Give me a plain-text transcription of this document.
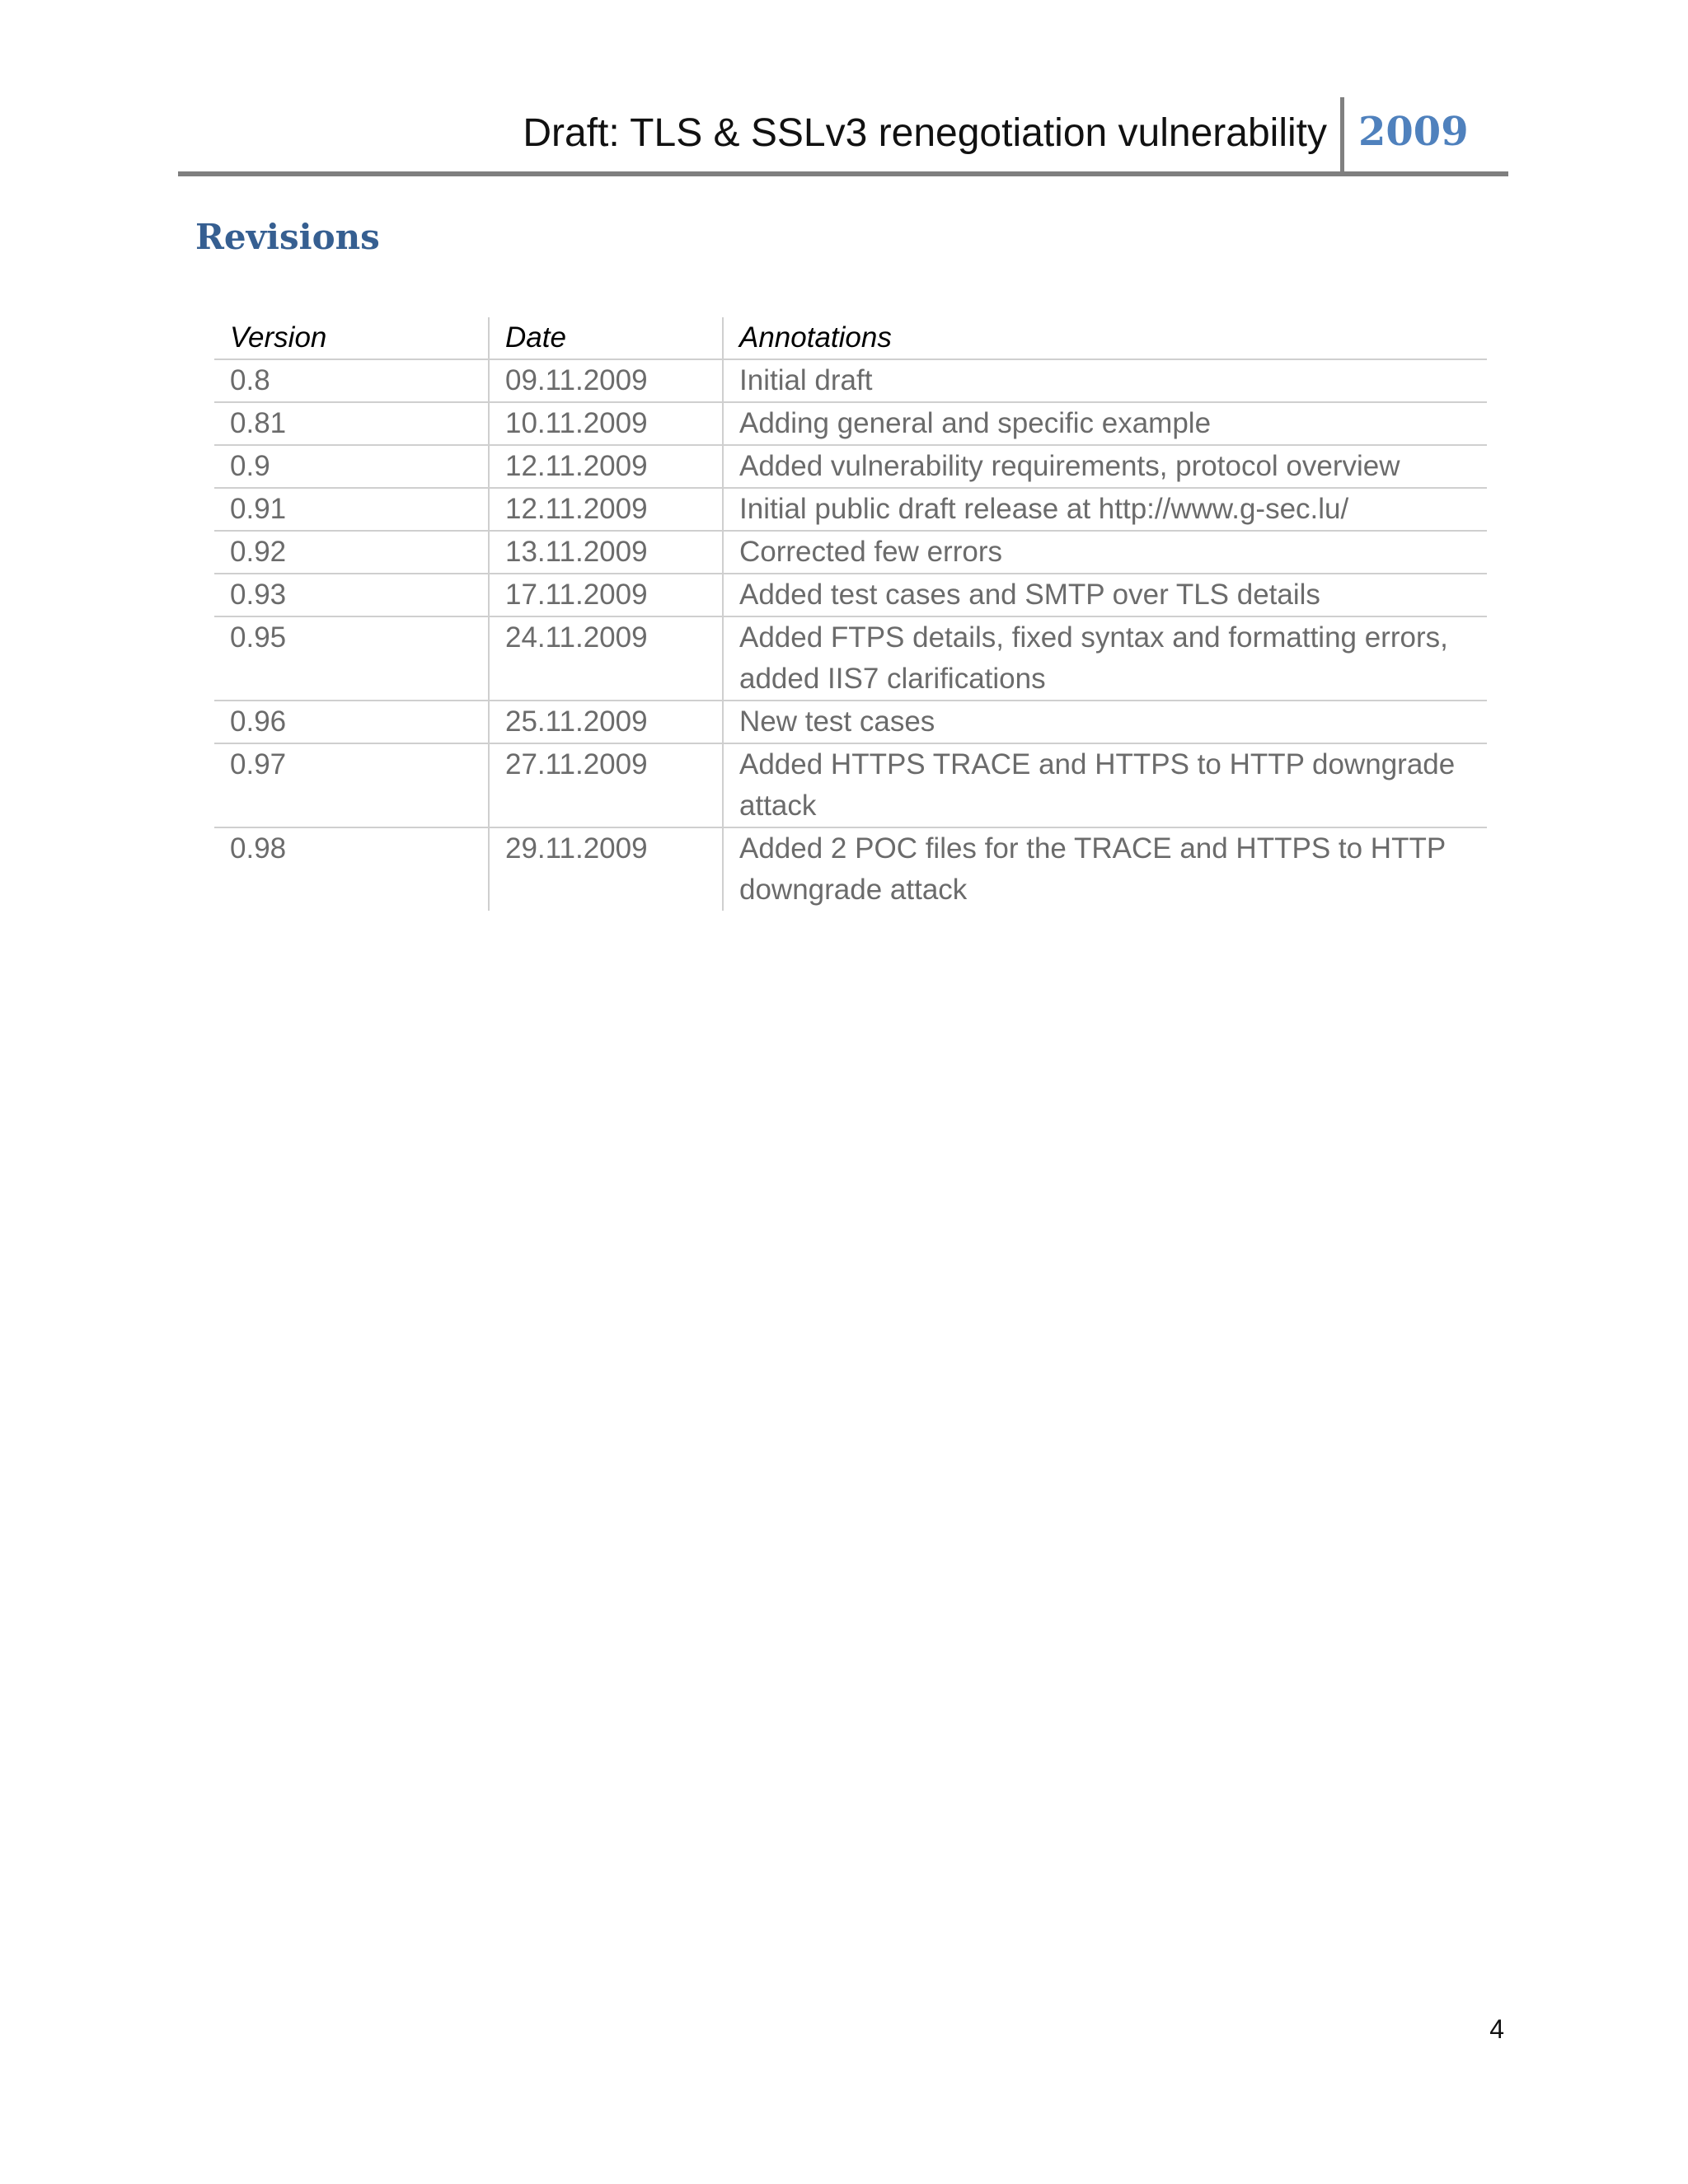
Draft: TLS & SSLv3 renegotiation vulnerability 2009
Revisions
Version	Date	Annotations
0.8	09.11.2009	Initial draft
0.81	10.11.2009	Adding general and specific example
0.9	12.11.2009	Added vulnerability requirements, protocol overview
0.91	12.11.2009	Initial public draft release at http://www.g-sec.lu/
0.92	13.11.2009	Corrected few errors
0.93	17.11.2009	Added test cases and SMTP over TLS details
0.95	24.11.2009	Added FTPS details, fixed syntax and formatting errors, added IIS7 clarifications
0.96	25.11.2009	New test cases
0.97	27.11.2009	Added HTTPS TRACE and HTTPS to HTTP downgrade attack
0.98	29.11.2009	Added 2 POC files for the TRACE and HTTPS to HTTP downgrade attack
4
